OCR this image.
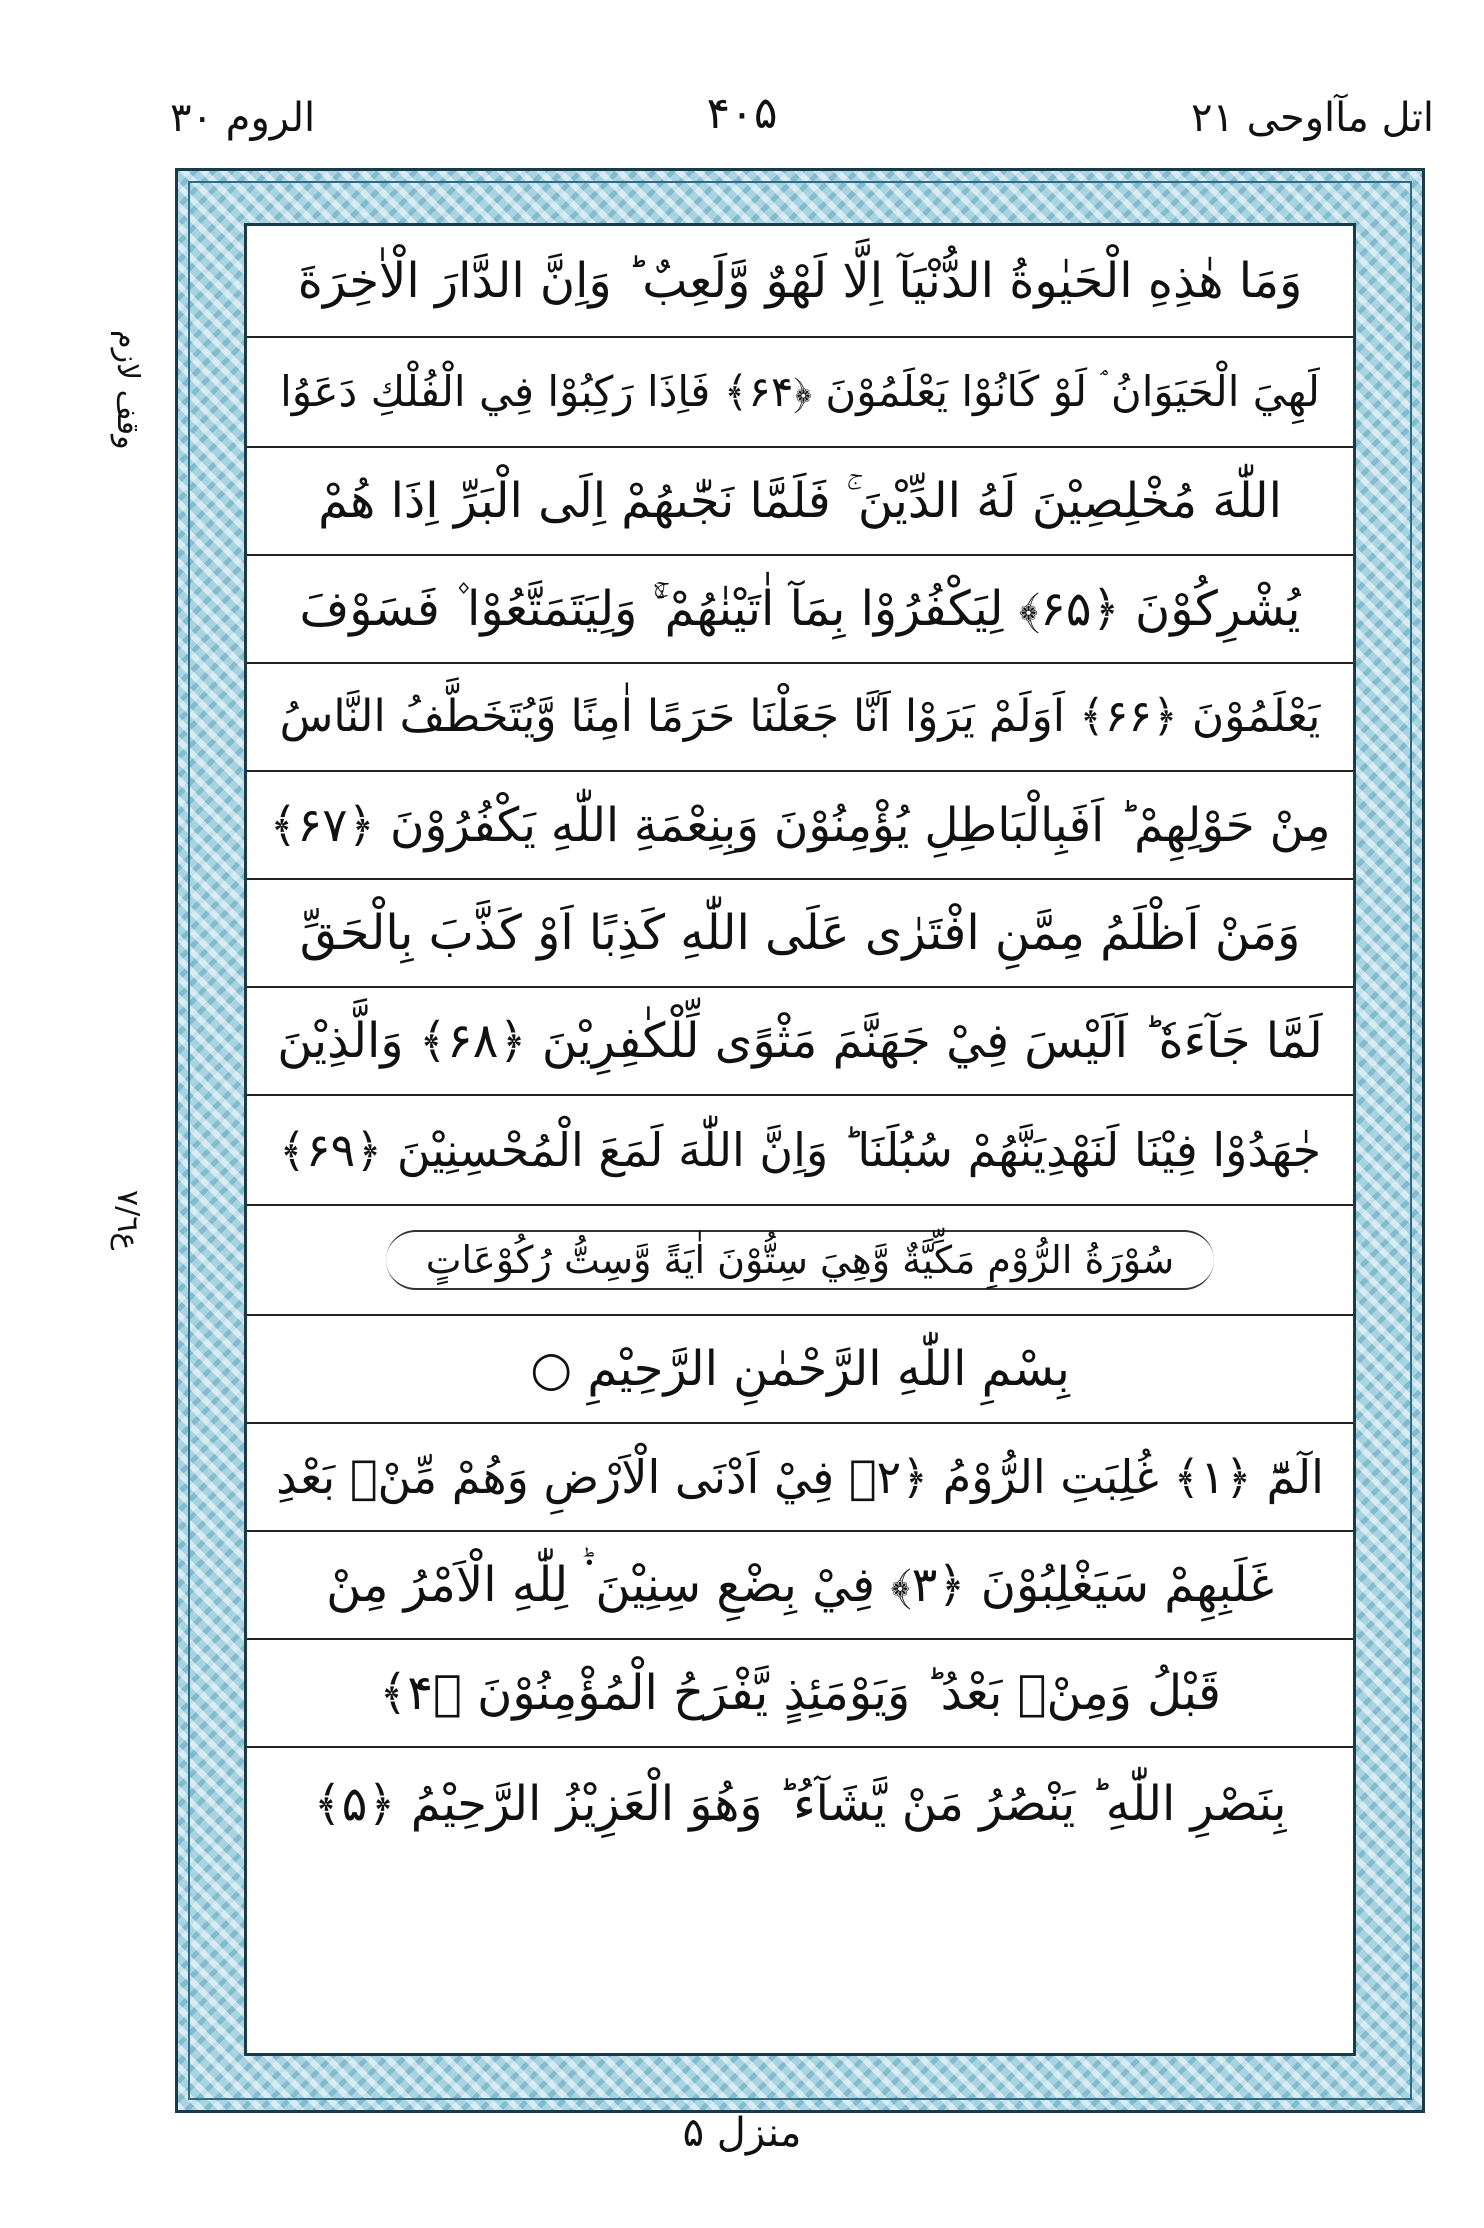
اتل مآاوحی ۲۱
۴۰۵
الروم ۳۰
وقف لازم
ع٧/٦
وَمَا هٰذِهِ الْحَيٰوةُ الدُّنْيَآ اِلَّا لَهْوٌ وَّلَعِبٌ ؕ وَاِنَّ الدَّارَ الْاٰخِرَةَ
لَهِيَ الْحَيَوَانُ ۘ لَوْ كَانُوْا يَعْلَمُوْنَ ﴿۶۴﴾ فَاِذَا رَكِبُوْا فِي الْفُلْكِ دَعَوُا
اللّٰهَ مُخْلِصِيْنَ لَهُ الدِّيْنَ ۚ فَلَمَّا نَجّٰىهُمْ اِلَى الْبَرِّ اِذَا هُمْ
يُشْرِكُوْنَ ﴿۶۵﴾ لِيَكْفُرُوْا بِمَآ اٰتَيْنٰهُمْ ۚۙ وَلِيَتَمَتَّعُوْا ۫ فَسَوْفَ
يَعْلَمُوْنَ ﴿۶۶﴾ اَوَلَمْ يَرَوْا اَنَّا جَعَلْنَا حَرَمًا اٰمِنًا وَّيُتَخَطَّفُ النَّاسُ
مِنْ حَوْلِهِمْ ؕ اَفَبِالْبَاطِلِ يُؤْمِنُوْنَ وَبِنِعْمَةِ اللّٰهِ يَكْفُرُوْنَ ﴿۶۷﴾
وَمَنْ اَظْلَمُ مِمَّنِ افْتَرٰى عَلَى اللّٰهِ كَذِبًا اَوْ كَذَّبَ بِالْحَقِّ
لَمَّا جَآءَهٗ ؕ اَلَيْسَ فِيْ جَهَنَّمَ مَثْوًى لِّلْكٰفِرِيْنَ ﴿۶۸﴾ وَالَّذِيْنَ
جٰهَدُوْا فِيْنَا لَنَهْدِيَنَّهُمْ سُبُلَنَا ؕ وَاِنَّ اللّٰهَ لَمَعَ الْمُحْسِنِيْنَ ﴿۶۹﴾
سُوْرَةُ الرُّوْمِ مَكِّيَّةٌ وَّهِيَ سِتُّوْنَ اٰيَةً وَّسِتُّ رُكُوْعَاتٍ
بِسْمِ اللّٰهِ الرَّحْمٰنِ الرَّحِيْمِ ○
الٓمّٓ ﴿۱﴾ غُلِبَتِ الرُّوْمُ ﴿۲﴾ فِيْ اَدْنَى الْاَرْضِ وَهُمْ مِّنْۢ بَعْدِ
غَلَبِهِمْ سَيَغْلِبُوْنَ ﴿۳﴾ فِيْ بِضْعِ سِنِيْنَ ۬ؕ لِلّٰهِ الْاَمْرُ مِنْ
قَبْلُ وَمِنْۢ بَعْدُ ؕ وَيَوْمَئِذٍ يَّفْرَحُ الْمُؤْمِنُوْنَ ﴿۴﴾
بِنَصْرِ اللّٰهِ ؕ يَنْصُرُ مَنْ يَّشَآءُ ؕ وَهُوَ الْعَزِيْزُ الرَّحِيْمُ ﴿۵﴾
منزل ۵
